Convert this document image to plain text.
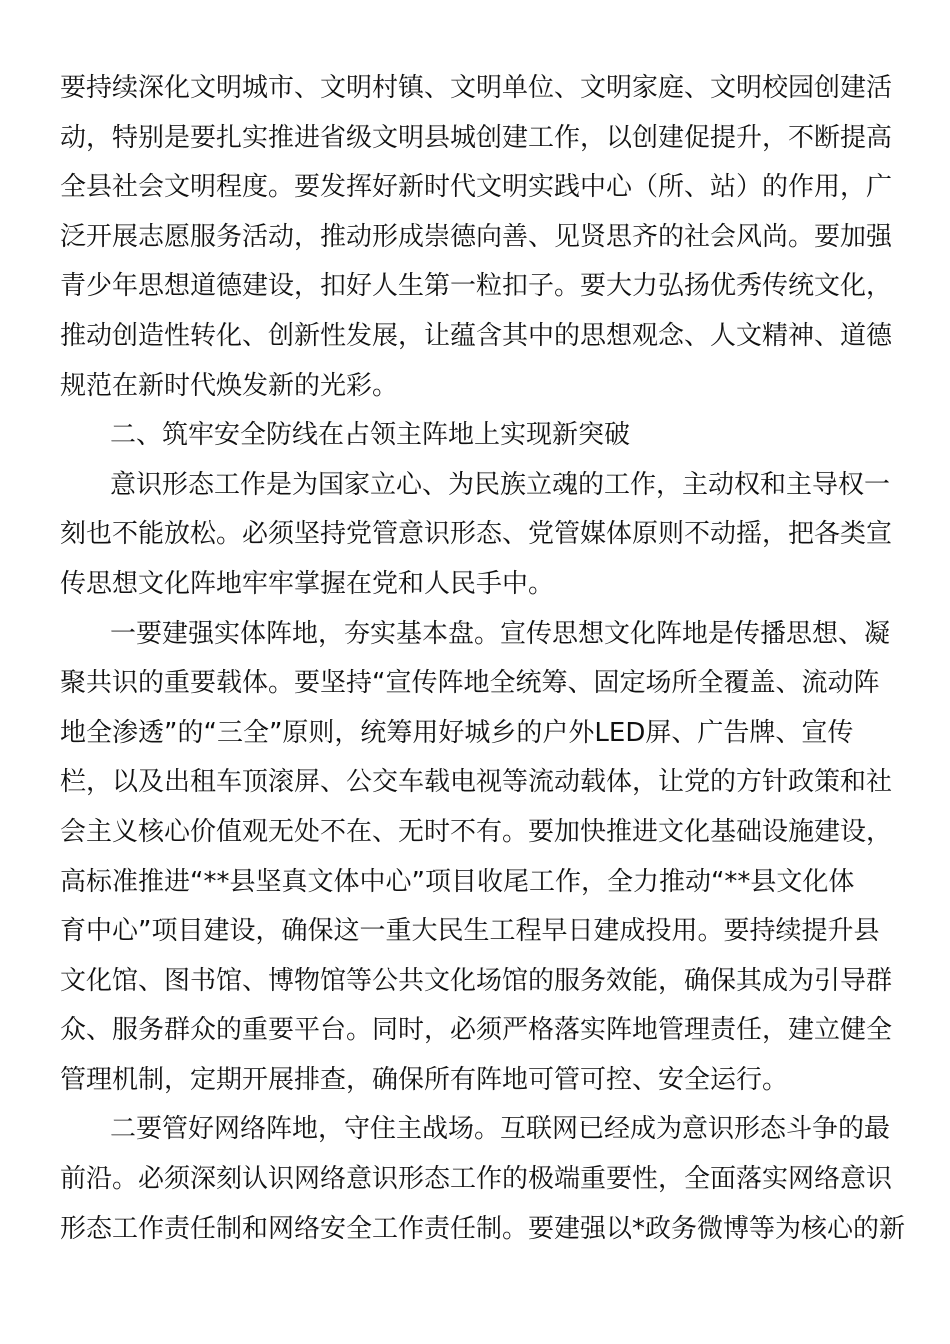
要持续深化文明城市、文明村镇、文明单位、文明家庭、文明校园创建活
动，特别是要扎实推进省级文明县城创建工作，以创建促提升，不断提高
全县社会文明程度。要发挥好新时代文明实践中心（所、站）的作用，广
泛开展志愿服务活动，推动形成崇德向善、见贤思齐的社会风尚。要加强
青少年思想道德建设，扣好人生第一粒扣子。要大力弘扬优秀传统文化，
推动创造性转化、创新性发展，让蕴含其中的思想观念、人文精神、道德
规范在新时代焕发新的光彩。
二、筑牢安全防线在占领主阵地上实现新突破
意识形态工作是为国家立心、为民族立魂的工作，主动权和主导权一
刻也不能放松。必须坚持党管意识形态、党管媒体原则不动摇，把各类宣
传思想文化阵地牢牢掌握在党和人民手中。
一要建强实体阵地，夯实基本盘。宣传思想文化阵地是传播思想、凝
聚共识的重要载体。要坚持“宣传阵地全统筹、固定场所全覆盖、流动阵
地全渗透”的“三全”原则，统筹用好城乡的户外LED屏、广告牌、宣传
栏，以及出租车顶滚屏、公交车载电视等流动载体，让党的方针政策和社
会主义核心价值观无处不在、无时不有。要加快推进文化基础设施建设，
高标准推进“**县坚真文体中心”项目收尾工作，全力推动“**县文化体
育中心”项目建设，确保这一重大民生工程早日建成投用。要持续提升县
文化馆、图书馆、博物馆等公共文化场馆的服务效能，确保其成为引导群
众、服务群众的重要平台。同时，必须严格落实阵地管理责任，建立健全
管理机制，定期开展排查，确保所有阵地可管可控、安全运行。
二要管好网络阵地，守住主战场。互联网已经成为意识形态斗争的最
前沿。必须深刻认识网络意识形态工作的极端重要性，全面落实网络意识
形态工作责任制和网络安全工作责任制。要建强以*政务微博等为核心的新
